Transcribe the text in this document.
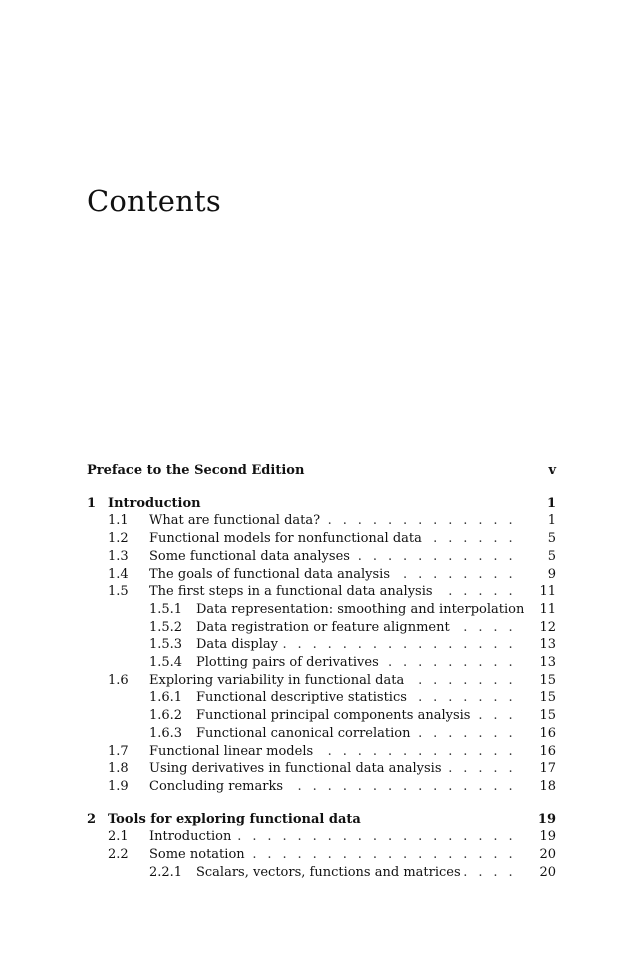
Contents
Preface to the Second Edition	v
1 Introduction	1
1.1 . . . What are functional data?	1
1.2 . . . Functional models for nonfunctional data	5
1.3 . . . Some functional data analyses	5
1.4 . . . The goals of functional data analysis	9
1.5 . . . The first steps in a functional data analysis	11
1.5.1 Data representation: smoothing and interpolation 11
1.5.2 . . . Data registration or feature alignment	12
1.5.3 . . . Data display	13
1.5.4 . . . Plotting pairs of derivatives	13
1.6 . . . Exploring variability in functional data	15
1.6.1 . . . Functional descriptive statistics	15
1.6.2 . . . Functional principal components analysis	15
1.6.3 . . . Functional canonical correlation	16
1.7 . . . Functional linear models	16
1.8 . . . Using derivatives in functional data analysis	17
1.9 . . . Concluding remarks	18
2 Tools for exploring functional data	19
2.1 . . . Introduction	19
2.2 . . . Some notation	20
2.2.1 . . . Scalars, vectors, functions and matrices	20
